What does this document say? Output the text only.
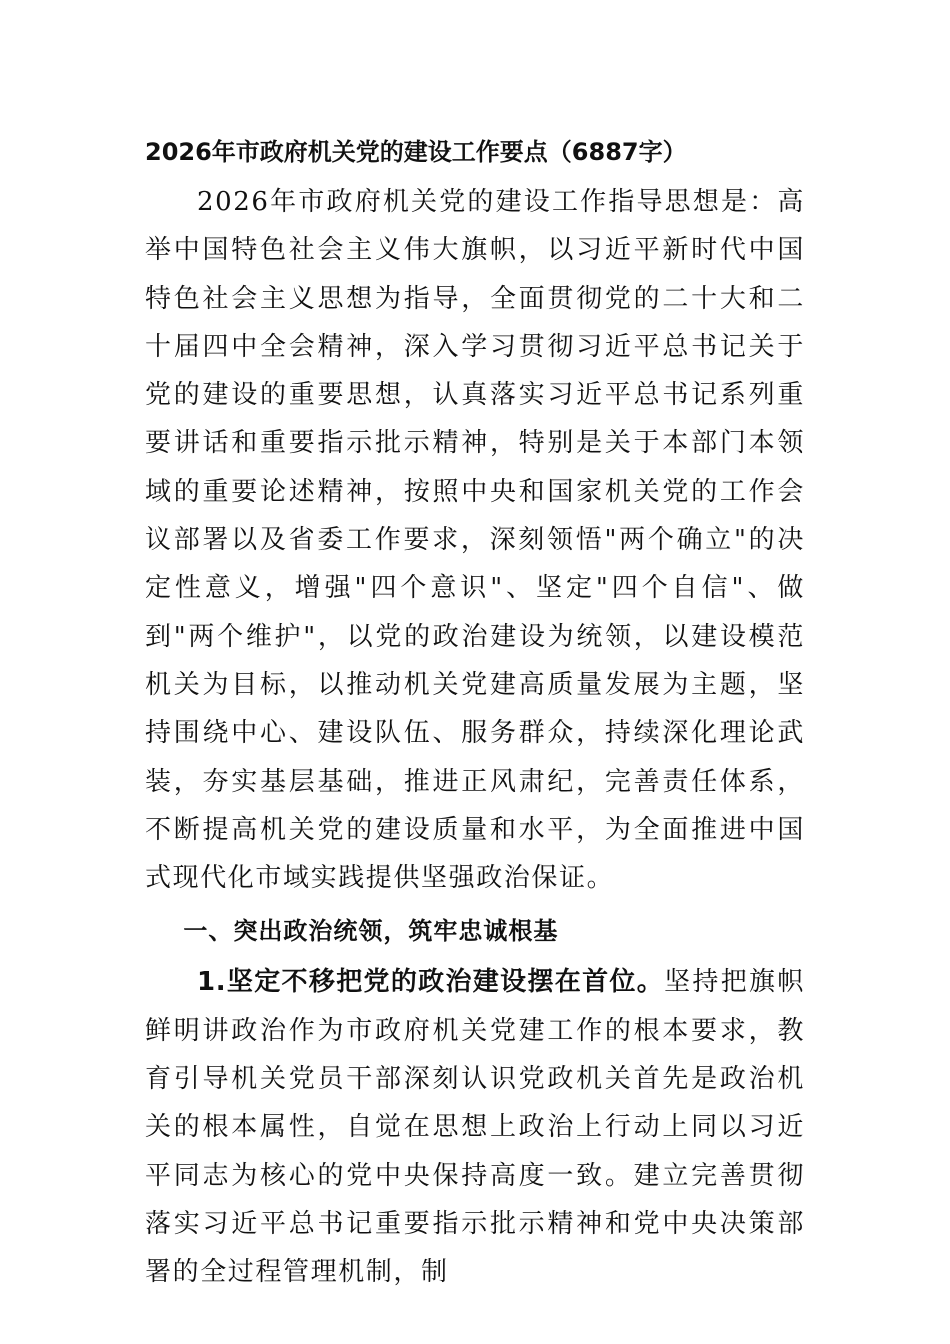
2026年市政府机关党的建设工作要点（6887字）

2026年市政府机关党的建设工作指导思想是：高举中国特色社会主义伟大旗帜，以习近平新时代中国特色社会主义思想为指导，全面贯彻党的二十大和二十届四中全会精神，深入学习贯彻习近平总书记关于党的建设的重要思想，认真落实习近平总书记系列重要讲话和重要指示批示精神，特别是关于本部门本领域的重要论述精神，按照中央和国家机关党的工作会议部署以及省委工作要求，深刻领悟"两个确立"的决定性意义，增强"四个意识"、坚定"四个自信"、做到"两个维护"，以党的政治建设为统领，以建设模范机关为目标，以推动机关党建高质量发展为主题，坚持围绕中心、建设队伍、服务群众，持续深化理论武装，夯实基层基础，推进正风肃纪，完善责任体系，不断提高机关党的建设质量和水平，为全面推进中国式现代化市域实践提供坚强政治保证。

一、突出政治统领，筑牢忠诚根基

1.坚定不移把党的政治建设摆在首位。坚持把旗帜鲜明讲政治作为市政府机关党建工作的根本要求，教育引导机关党员干部深刻认识党政机关首先是政治机关的根本属性，自觉在思想上政治上行动上同以习近平同志为核心的党中央保持高度一致。建立完善贯彻落实习近平总书记重要指示批示精神和党中央决策部署的全过程管理机制，制
